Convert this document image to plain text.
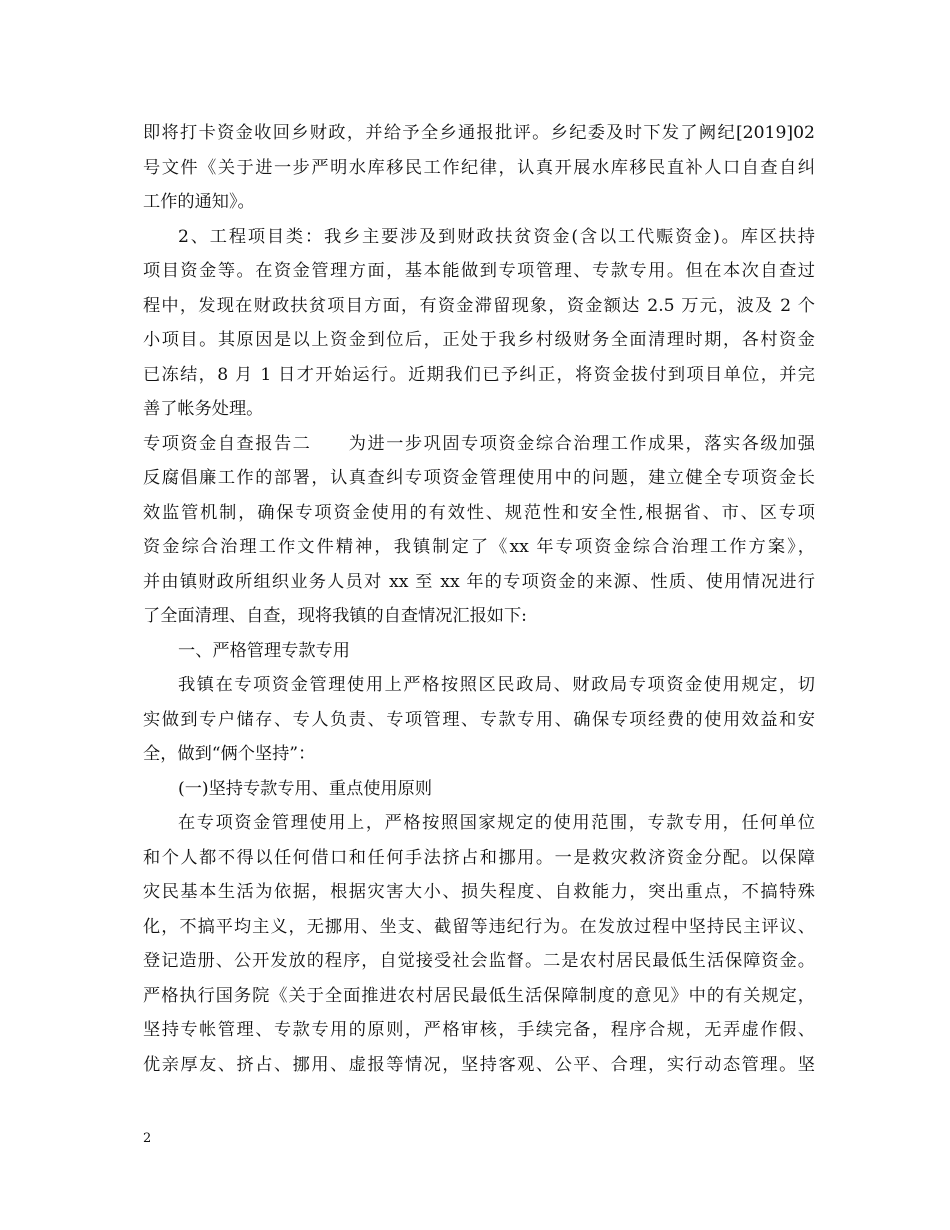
即将打卡资金收回乡财政，并给予全乡通报批评。乡纪委及时下发了阙纪[2019]02
号文件《关于进一步严明水库移民工作纪律，认真开展水库移民直补人口自查自纠
工作的通知》。
2、工程项目类：我乡主要涉及到财政扶贫资金(含以工代赈资金)。库区扶持
项目资金等。在资金管理方面，基本能做到专项管理、专款专用。但在本次自查过
程中，发现在财政扶贫项目方面，有资金滞留现象，资金额达 2.5 万元，波及 2 个
小项目。其原因是以上资金到位后，正处于我乡村级财务全面清理时期，各村资金
已冻结，8 月 1 日才开始运行。近期我们已予纠正，将资金拔付到项目单位，并完
善了帐务处理。
专项资金自查报告二　　为进一步巩固专项资金综合治理工作成果，落实各级加强
反腐倡廉工作的部署，认真查纠专项资金管理使用中的问题，建立健全专项资金长
效监管机制，确保专项资金使用的有效性、规范性和安全性,根据省、市、区专项
资金综合治理工作文件精神，我镇制定了《xx 年专项资金综合治理工作方案》，
并由镇财政所组织业务人员对 xx 至 xx 年的专项资金的来源、性质、使用情况进行
了全面清理、自查，现将我镇的自查情况汇报如下:
一、严格管理专款专用
我镇在专项资金管理使用上严格按照区民政局、财政局专项资金使用规定，切
实做到专户储存、专人负责、专项管理、专款专用、确保专项经费的使用效益和安
全，做到“俩个坚持”：
(一)坚持专款专用、重点使用原则
在专项资金管理使用上，严格按照国家规定的使用范围，专款专用，任何单位
和个人都不得以任何借口和任何手法挤占和挪用。一是救灾救济资金分配。以保障
灾民基本生活为依据，根据灾害大小、损失程度、自救能力，突出重点，不搞特殊
化，不搞平均主义，无挪用、坐支、截留等违纪行为。在发放过程中坚持民主评议、
登记造册、公开发放的程序，自觉接受社会监督。二是农村居民最低生活保障资金。
严格执行国务院《关于全面推进农村居民最低生活保障制度的意见》中的有关规定，
坚持专帐管理、专款专用的原则，严格审核，手续完备，程序合规，无弄虚作假、
优亲厚友、挤占、挪用、虚报等情况，坚持客观、公平、合理，实行动态管理。坚
2
